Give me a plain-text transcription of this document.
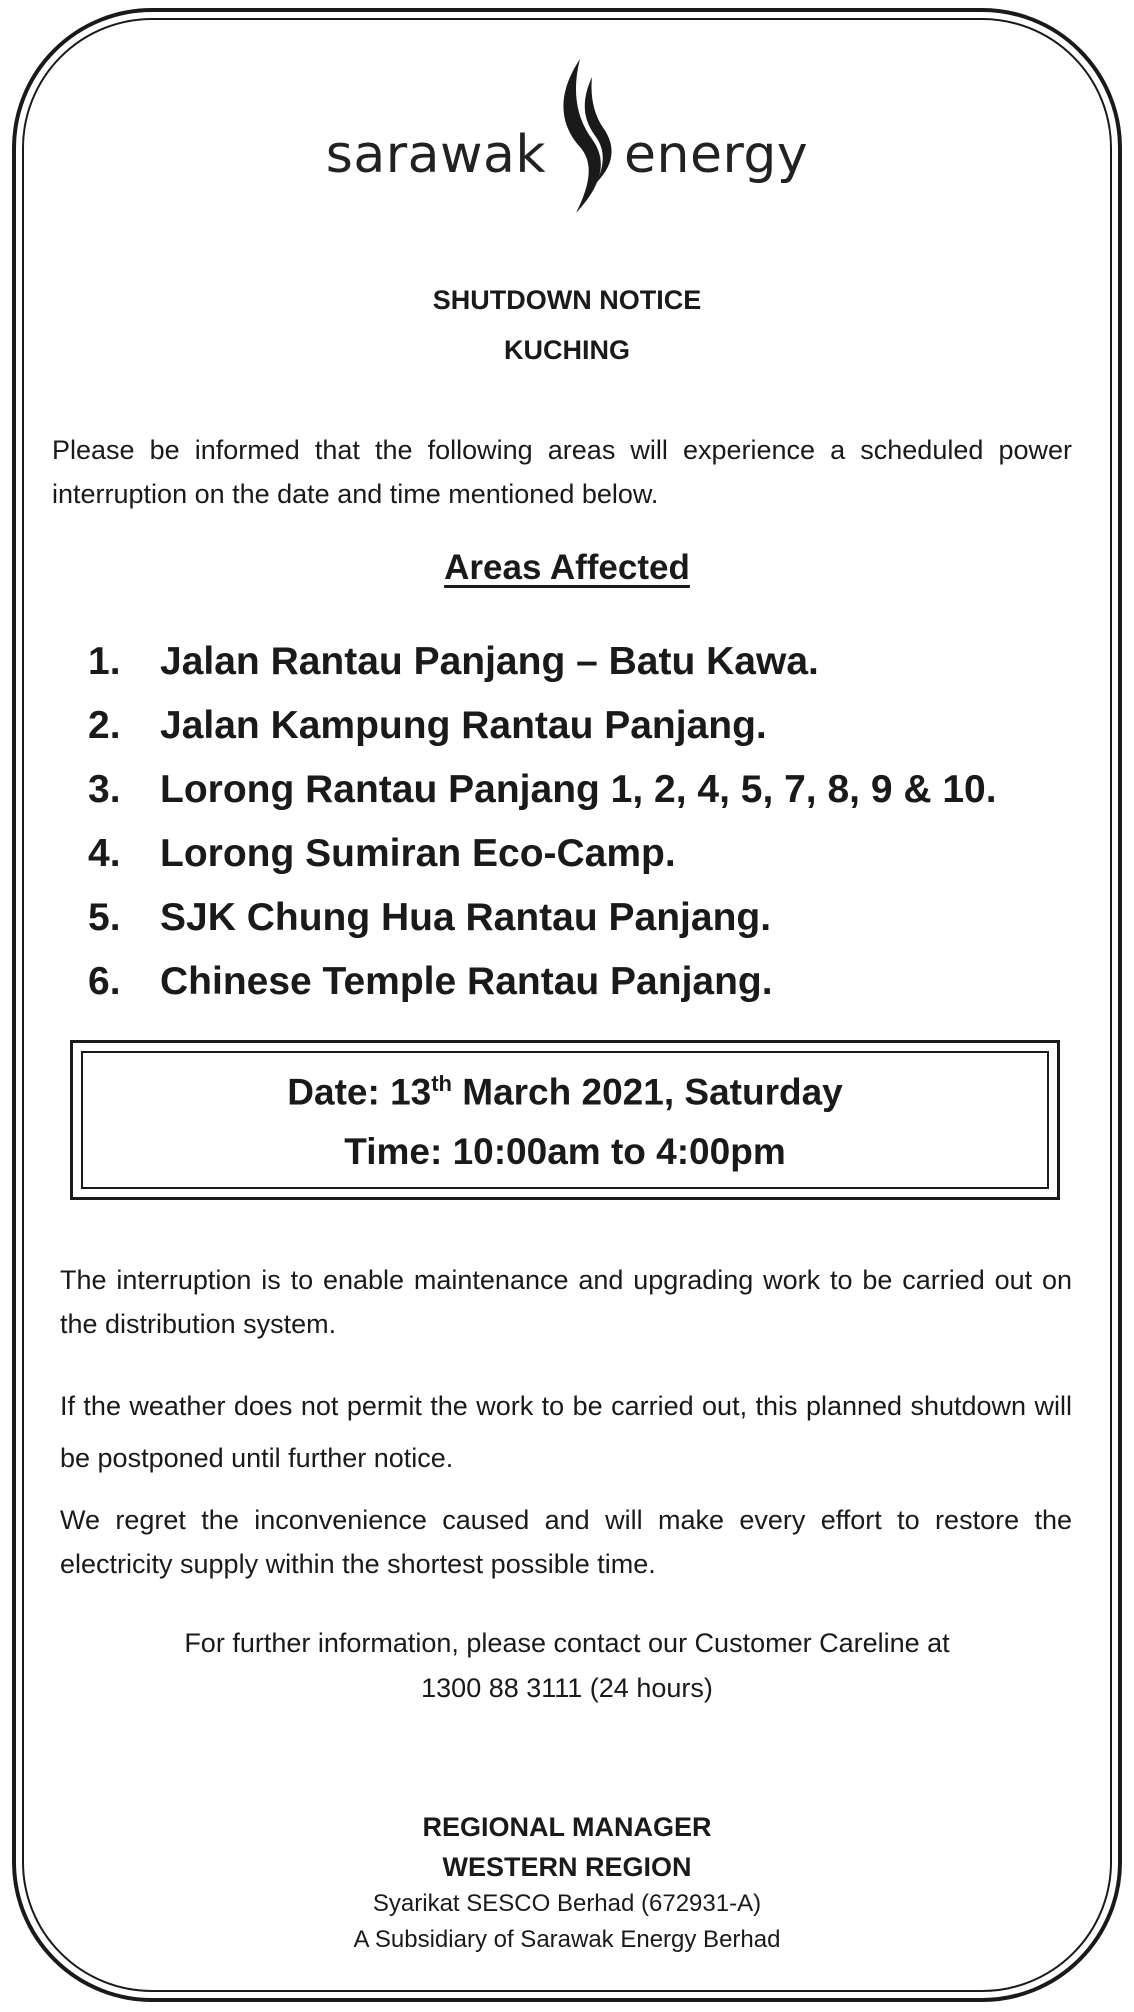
sarawak energy
SHUTDOWN NOTICE
KUCHING
Please be informed that the following areas will experience a scheduled power interruption on the date and time mentioned below.
Areas Affected
1.	Jalan Rantau Panjang – Batu Kawa.
2.	Jalan Kampung Rantau Panjang.
3.	Lorong Rantau Panjang 1, 2, 4, 5, 7, 8, 9 & 10.
4.	Lorong Sumiran Eco-Camp.
5.	SJK Chung Hua Rantau Panjang.
6.	Chinese Temple Rantau Panjang.
Date: 13th March 2021, Saturday
Time: 10:00am to 4:00pm
The interruption is to enable maintenance and upgrading work to be carried out on the distribution system.
If the weather does not permit the work to be carried out, this planned shutdown will be postponed until further notice.
We regret the inconvenience caused and will make every effort to restore the electricity supply within the shortest possible time.
For further information, please contact our Customer Careline at
1300 88 3111 (24 hours)
REGIONAL MANAGER
WESTERN REGION
Syarikat SESCO Berhad (672931-A)
A Subsidiary of Sarawak Energy Berhad
